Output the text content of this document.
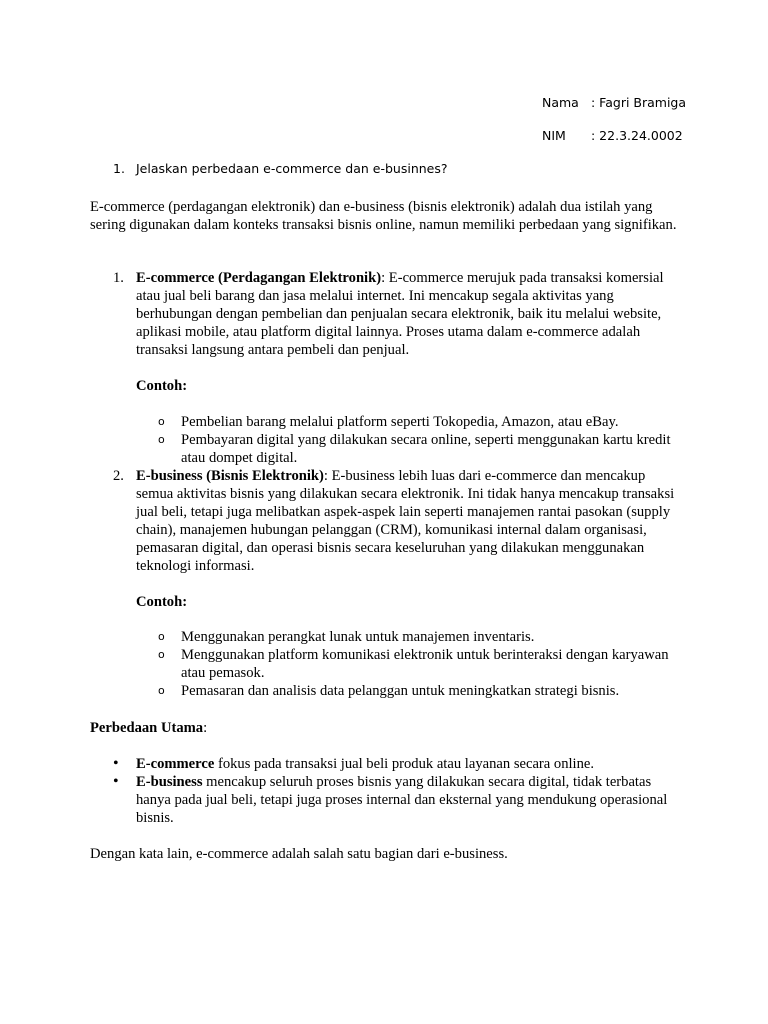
Nama : Fagri Bramiga
NIM : 22.3.24.0002
1. Jelaskan perbedaan e-commerce dan e-businnes?

E-commerce (perdagangan elektronik) dan e-business (bisnis elektronik) adalah dua istilah yang sering digunakan dalam konteks transaksi bisnis online, namun memiliki perbedaan yang signifikan.

1. E-commerce (Perdagangan Elektronik): E-commerce merujuk pada transaksi komersial atau jual beli barang dan jasa melalui internet. Ini mencakup segala aktivitas yang berhubungan dengan pembelian dan penjualan secara elektronik, baik itu melalui website, aplikasi mobile, atau platform digital lainnya. Proses utama dalam e-commerce adalah transaksi langsung antara pembeli dan penjual.

Contoh:
o Pembelian barang melalui platform seperti Tokopedia, Amazon, atau eBay.
o Pembayaran digital yang dilakukan secara online, seperti menggunakan kartu kredit atau dompet digital.
2. E-business (Bisnis Elektronik): E-business lebih luas dari e-commerce dan mencakup semua aktivitas bisnis yang dilakukan secara elektronik. Ini tidak hanya mencakup transaksi jual beli, tetapi juga melibatkan aspek-aspek lain seperti manajemen rantai pasokan (supply chain), manajemen hubungan pelanggan (CRM), komunikasi internal dalam organisasi, pemasaran digital, dan operasi bisnis secara keseluruhan yang dilakukan menggunakan teknologi informasi.

Contoh:
o Menggunakan perangkat lunak untuk manajemen inventaris.
o Menggunakan platform komunikasi elektronik untuk berinteraksi dengan karyawan atau pemasok.
o Pemasaran dan analisis data pelanggan untuk meningkatkan strategi bisnis.
Perbedaan Utama:
• E-commerce fokus pada transaksi jual beli produk atau layanan secara online.

• E-business mencakup seluruh proses bisnis yang dilakukan secara digital, tidak terbatas hanya pada jual beli, tetapi juga proses internal dan eksternal yang mendukung operasional bisnis.

Dengan kata lain, e-commerce adalah salah satu bagian dari e-business.
